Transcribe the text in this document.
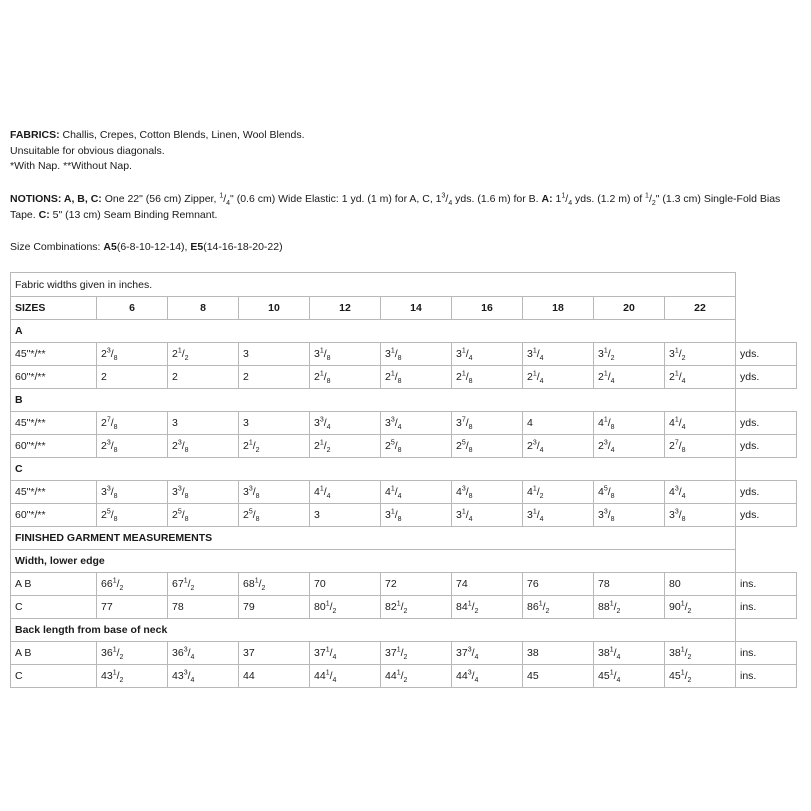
FABRICS: Challis, Crepes, Cotton Blends, Linen, Wool Blends.

Unsuitable for obvious diagonals.

*With Nap. **Without Nap.

NOTIONS: A, B, C: One 22" (56 cm) Zipper, $^1/_4$" (0.6 cm) Wide Elastic: 1 yd. (1 m) for A, C, $1^3/_4$ yds. (1.6 m) for B. A: $1^1/_4$ yds. (1.2 m) of $^1/_2$" (1.3 cm) Single-Fold Bias Tape. C: 5" (13 cm) Seam Binding Remnant.

Size Combinations: A5(6-8-10-12-14), E5(14-16-18-20-22)

Fabric widths given in inches.										
SIZES	6	8	10	12	14	16	18	20	22	
A										
45"*/**	$2^3/_8$	$2^1/_2$	3	$3^1/_8$	$3^1/_8$	$3^1/_4$	$3^1/_4$	$3^1/_2$	$3^1/_2$	yds.
60"*/**	2	2	2	$2^1/_8$	$2^1/_8$	$2^1/_8$	$2^1/_4$	$2^1/_4$	$2^1/_4$	yds.
B										
45"*/**	$2^7/_8$	3	3	$3^3/_4$	$3^3/_4$	$3^7/_8$	4	$4^1/_8$	$4^1/_4$	yds.
60"*/**	$2^3/_8$	$2^3/_8$	$2^1/_2$	$2^1/_2$	$2^5/_8$	$2^5/_8$	$2^3/_4$	$2^3/_4$	$2^7/_8$	yds.
C										
45"*/**	$3^3/_8$	$3^3/_8$	$3^3/_8$	$4^1/_4$	$4^1/_4$	$4^3/_8$	$4^1/_2$	$4^5/_8$	$4^3/_4$	yds.
60"*/**	$2^5/_8$	$2^5/_8$	$2^5/_8$	3	$3^1/_8$	$3^1/_4$	$3^1/_4$	$3^3/_8$	$3^3/_8$	yds.
FINISHED GARMENT MEASUREMENTS										
Width, lower edge										
A B	$66^1/_2$	$67^1/_2$	$68^1/_2$	70	72	74	76	78	80	ins.
C	77	78	79	$80^1/_2$	$82^1/_2$	$84^1/_2$	$86^1/_2$	$88^1/_2$	$90^1/_2$	ins.
Back length from base of neck										
A B	$36^1/_2$	$36^3/_4$	37	$37^1/_4$	$37^1/_2$	$37^3/_4$	38	$38^1/_4$	$38^1/_2$	ins.
C	$43^1/_2$	$43^3/_4$	44	$44^1/_4$	$44^1/_2$	$44^3/_4$	45	$45^1/_4$	$45^1/_2$	ins.
